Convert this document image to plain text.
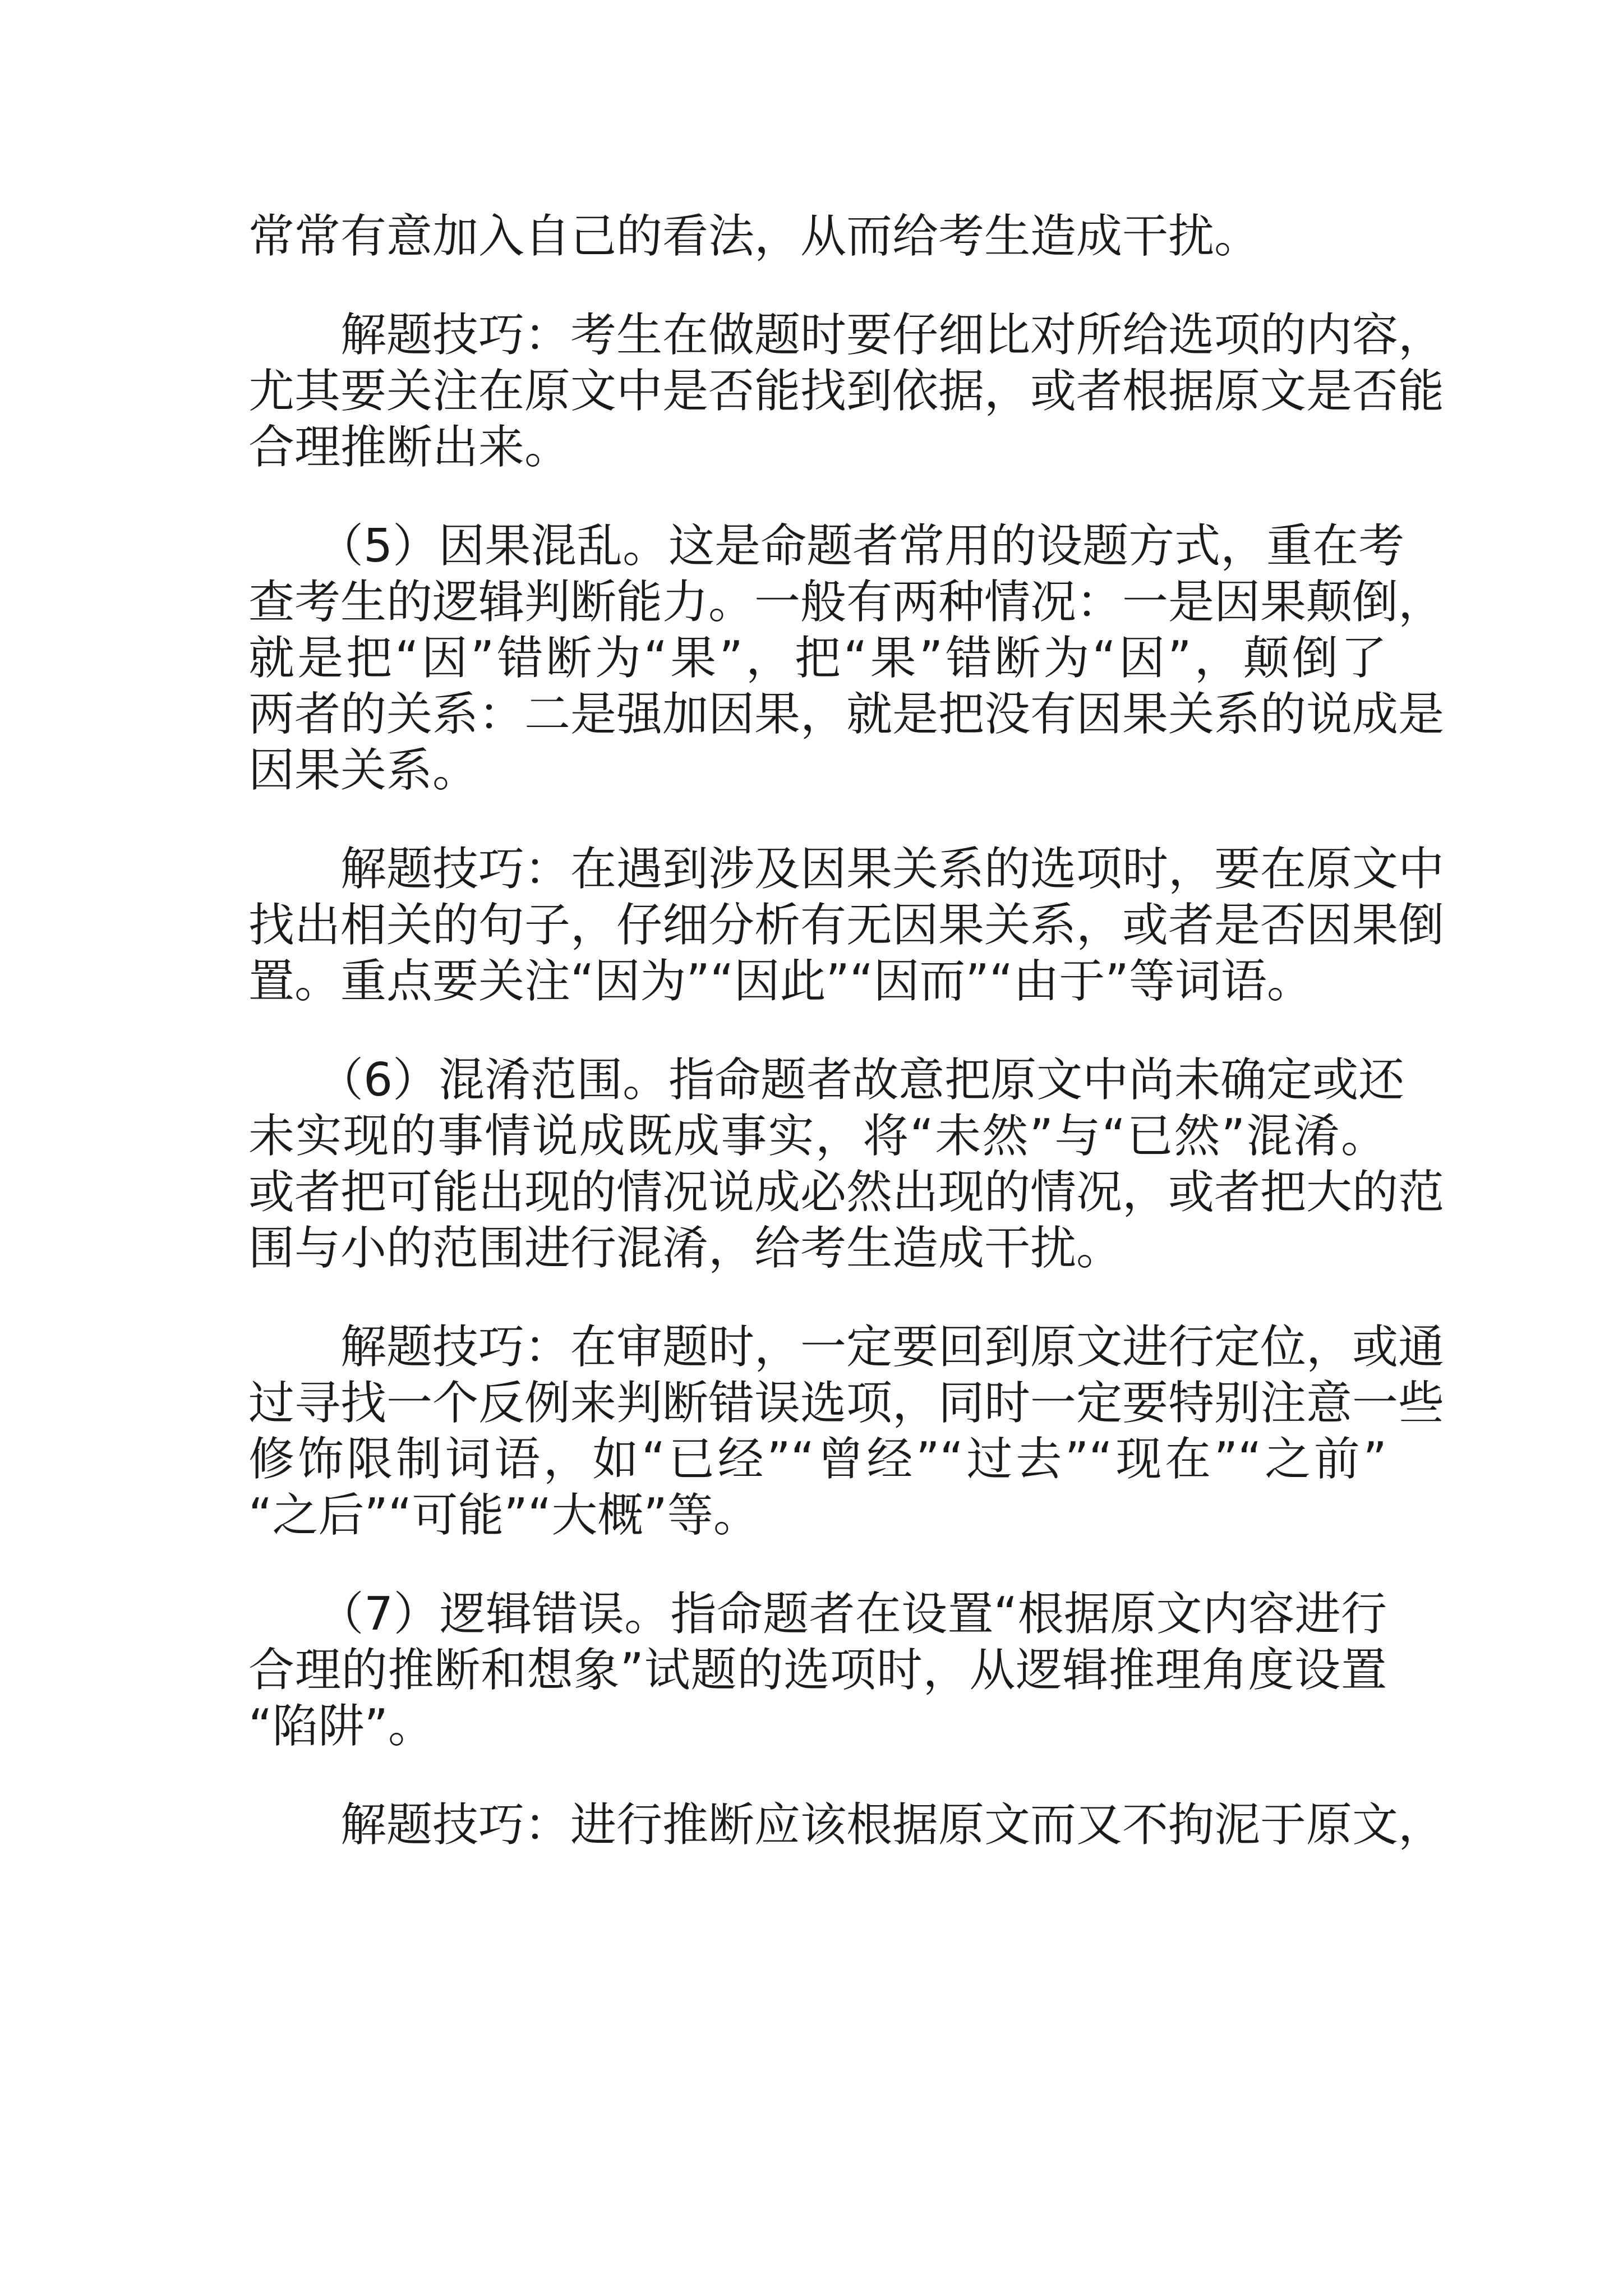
常常有意加入自己的看法，从而给考生造成干扰。

　　解题技巧：考生在做题时要仔细比对所给选项的内容，

尤其要关注在原文中是否能找到依据，或者根据原文是否能

合理推断出来。

　　（5）因果混乱。这是命题者常用的设题方式，重在考

查考生的逻辑判断能力。一般有两种情况：一是因果颠倒，

就是把“因”错断为“果”，把“果”错断为“因”，颠倒了

两者的关系：二是强加因果，就是把没有因果关系的说成是

因果关系。

　　解题技巧：在遇到涉及因果关系的选项时，要在原文中

找出相关的句子，仔细分析有无因果关系，或者是否因果倒

置。重点要关注“因为”“因此”“因而”“由于”等词语。

　　（6）混淆范围。指命题者故意把原文中尚未确定或还

未实现的事情说成既成事实，将“未然”与“已然”混淆。

或者把可能出现的情况说成必然出现的情况，或者把大的范

围与小的范围进行混淆，给考生造成干扰。

　　解题技巧：在审题时，一定要回到原文进行定位，或通

过寻找一个反例来判断错误选项，同时一定要特别注意一些

修饰限制词语，如“已经”“曾经”“过去”“现在”“之前”

“之后”“可能”“大概”等。

　　（7）逻辑错误。指命题者在设置“根据原文内容进行

合理的推断和想象”试题的选项时，从逻辑推理角度设置

“陷阱”。

　　解题技巧：进行推断应该根据原文而又不拘泥于原文，
